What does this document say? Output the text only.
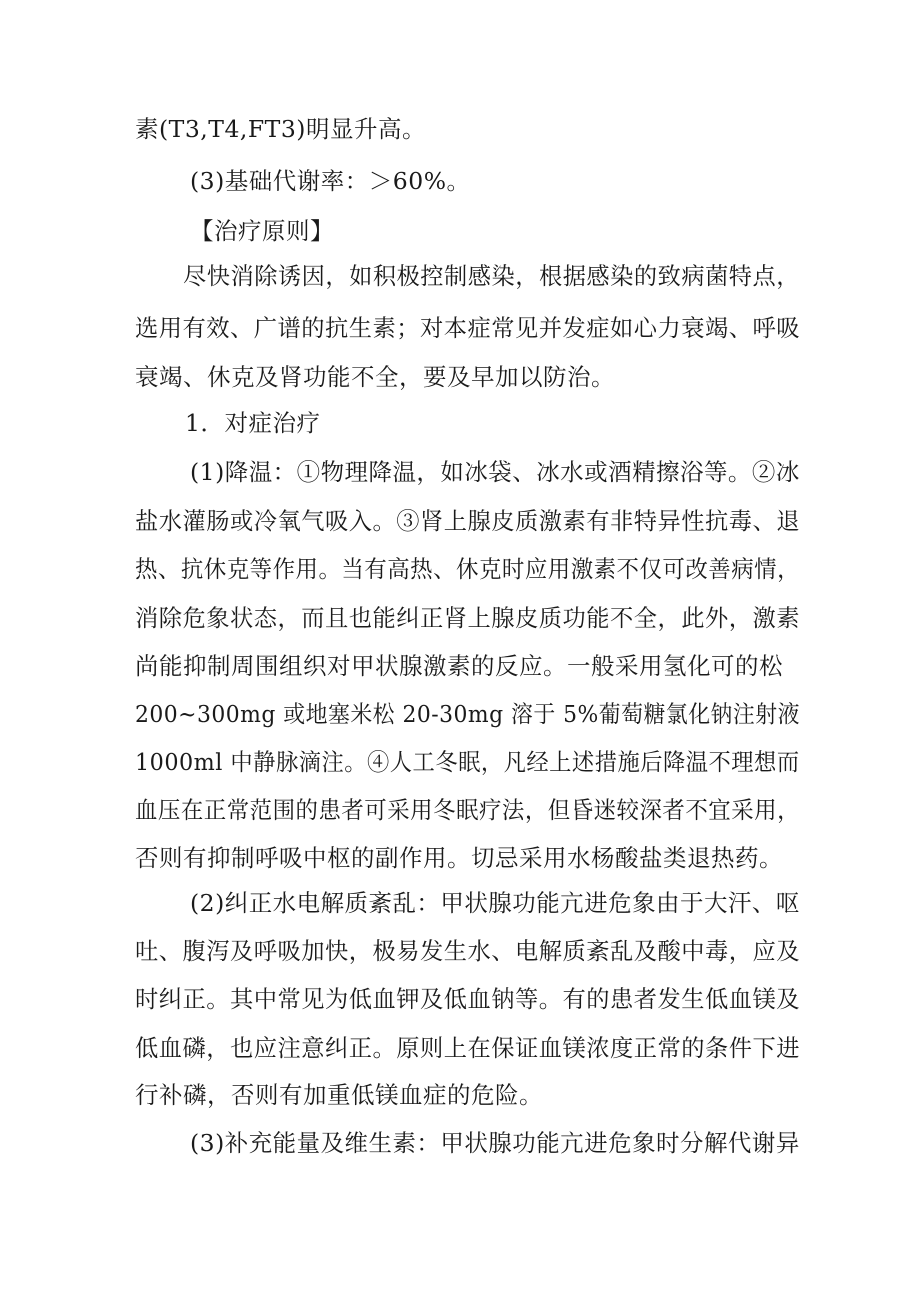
素(T3,T4,FT3)明显升高。
(3)基础代谢率：＞60%。
【治疗原则】
尽快消除诱因，如积极控制感染，根据感染的致病菌特点，
选用有效、广谱的抗生素；对本症常见并发症如心力衰竭、呼吸
衰竭、休克及肾功能不全，要及早加以防治。
1．对症治疗
(1)降温：①物理降温，如冰袋、冰水或酒精擦浴等。②冰
盐水灌肠或冷氧气吸入。③肾上腺皮质激素有非特异性抗毒、退
热、抗休克等作用。当有高热、休克时应用激素不仅可改善病情，
消除危象状态，而且也能纠正肾上腺皮质功能不全，此外，激素
尚能抑制周围组织对甲状腺激素的反应。一般采用氢化可的松
200~300mg 或地塞米松 20-30mg 溶于 5%葡萄糖氯化钠注射液
1000ml 中静脉滴注。④人工冬眠，凡经上述措施后降温不理想而
血压在正常范围的患者可采用冬眠疗法，但昏迷较深者不宜采用，
否则有抑制呼吸中枢的副作用。切忌采用水杨酸盐类退热药。
(2)纠正水电解质紊乱：甲状腺功能亢进危象由于大汗、呕
吐、腹泻及呼吸加快，极易发生水、电解质紊乱及酸中毒，应及
时纠正。其中常见为低血钾及低血钠等。有的患者发生低血镁及
低血磷，也应注意纠正。原则上在保证血镁浓度正常的条件下进
行补磷，否则有加重低镁血症的危险。
(3)补充能量及维生素：甲状腺功能亢进危象时分解代谢异
